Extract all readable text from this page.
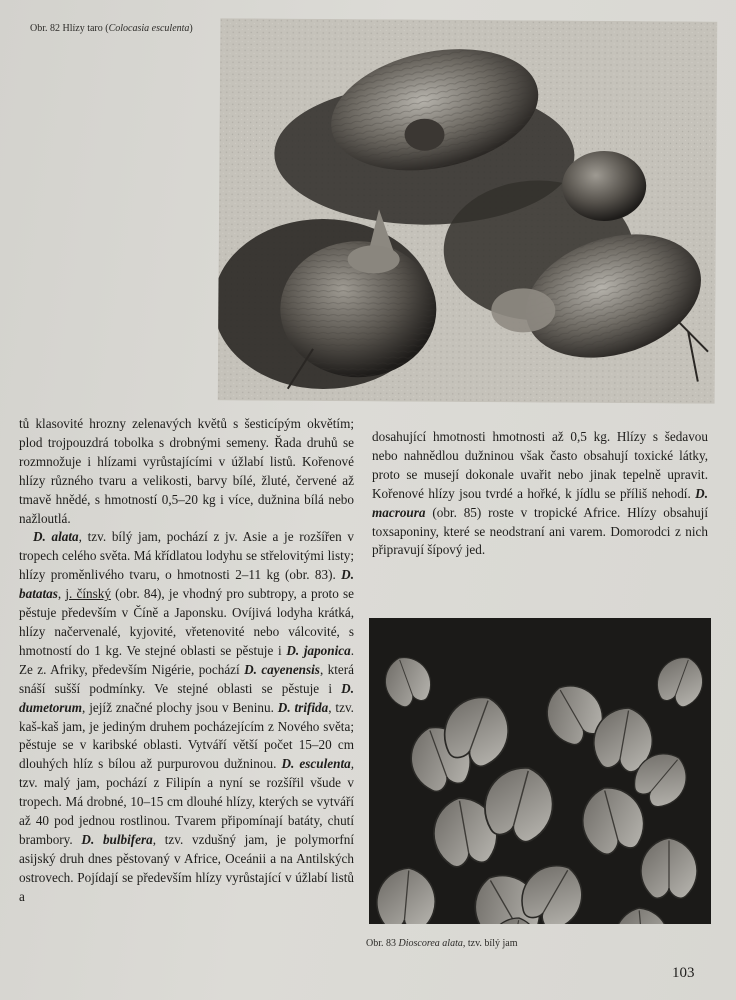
Obr. 82 Hlízy taro (Colocasia esculenta)

tů klasovité hrozny zelenavých květů s šesticípým okvětím; plod trojpouzdrá tobolka s drobnými semeny. Řada druhů se rozmnožuje i hlízami vyrůstajícími v úžlabí listů. Kořenové hlízy různého tvaru a velikosti, barvy bílé, žluté, červené až tmavě hnědé, s hmotností 0,5–20 kg i více, dužnina bílá nebo nažloutlá.

D. alata, tzv. bílý jam, pochází z jv. Asie a je rozšířen v tropech celého světa. Má křídlatou lodyhu se střelovitými listy; hlízy proměnlivého tvaru, o hmotnosti 2–11 kg (obr. 83). D. batatas, j. čínský (obr. 84), je vhodný pro subtropy, a proto se pěstuje především v Číně a Japonsku. Ovíjivá lodyha krátká, hlízy načervenalé, kyjovité, vřetenovité nebo válcovité, s hmotností do 1 kg. Ve stejné oblasti se pěstuje i D. japonica. Ze z. Afriky, především Nigérie, pochází D. cayenensis, která snáší sušší podmínky. Ve stejné oblasti se pěstuje i D. dumetorum, jejíž značné plochy jsou v Beninu. D. trifida, tzv. kaš-kaš jam, je jediným druhem pocházejícím z Nového světa; pěstuje se v karibské oblasti. Vytváří větší počet 15–20 cm dlouhých hlíz s bílou až purpurovou dužninou. D. esculenta, tzv. malý jam, pochází z Filipín a nyní se rozšířil všude v tropech. Má drobné, 10–15 cm dlouhé hlízy, kterých se vytváří až 40 pod jednou rostlinou. Tvarem připomínají batáty, chutí brambory. D. bulbifera, tzv. vzdušný jam, je polymorfní asijský druh dnes pěstovaný v Africe, Oceánii a na Antilských ostrovech. Pojídají se především hlízy vyrůstající v úžlabí listů a

dosahující hmotnosti hmotnosti až 0,5 kg. Hlízy s šedavou nebo nahnědlou dužninou však často obsahují toxické látky, proto se musejí dokonale uvařit nebo jinak tepelně upravit. Kořenové hlízy jsou tvrdé a hořké, k jídlu se příliš nehodí. D. macroura (obr. 85) roste v tropické Africe. Hlízy obsahují toxsaponiny, které se neodstraní ani varem. Domorodci z nich připravují šípový jed.

Obr. 83 Dioscorea alata, tzv. bílý jam
103
